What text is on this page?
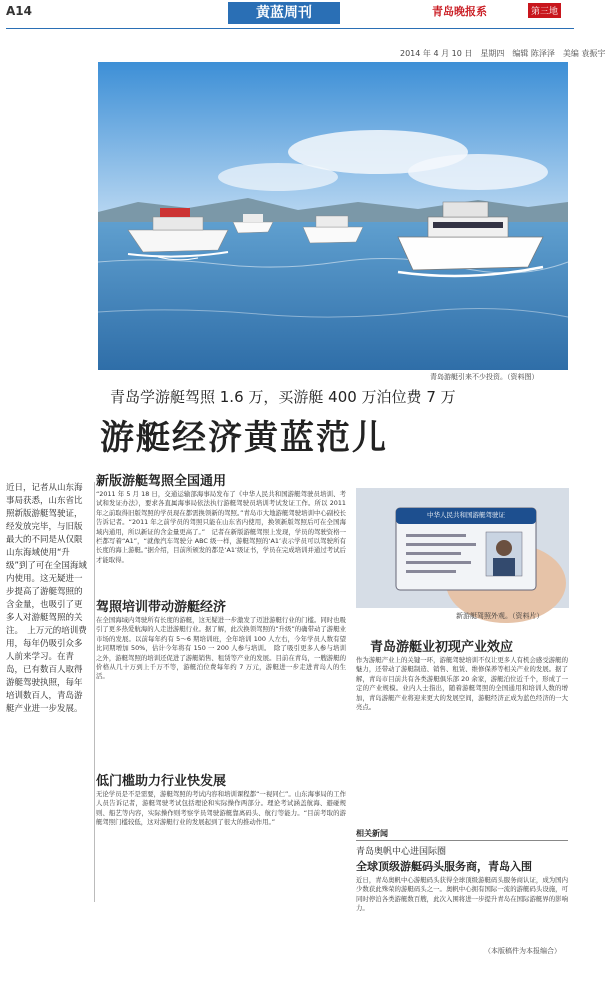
A14	黄蓝周刊	青岛晚报系	第三地
2014 年 4 月 10 日　星期四　编辑 陈泽泽　美编 袁振宇
青岛游艇引来不少投资。（资料图）
青岛学游艇驾照 1.6 万，买游艇 400 万泊位费 7 万
游艇经济黄蓝范儿
近日，记者从山东海事局获悉，山东省比照新版游艇驾驶证，经发放完毕，与旧版最大的不同是从仅限山东海域使用“升级”到了可在全国海域内使用。这无疑进一步提高了游艇驾照的含金量，也吸引了更多人对游艇驾照的关注。　上万元的培训费用，每年仍吸引众多人前来学习。在青岛，已有数百人取得游艇驾驶执照，每年培训数百人，青岛游艇产业进一步发展。
新版游艇驾照全国通用
“2011 年 5 月 18 日，交通运输部海事局发布了《中华人民共和国游艇驾驶员培训、考试和发证办法》，要求各直属海事局依法执行游艇驾驶员培训考试发证工作。所以 2011 年之前取得旧版驾照的学员现在都需换领新的驾照。”青岛市大地游艇驾驶培训中心副校长告诉记者。“2011 年之前学员的驾照只能在山东省内使用，换领新版驾照后可在全国海域内通用，所以新证的含金量更高了。”　记者在新版游艇驾照上发现，学员的驾驶资格一栏都写着“A1”，“就像汽车驾驶分 ABC 级一样，游艇驾照的‘A1’表示学员可以驾驶所有长度的海上游艇。”据介绍，目前所颁发的都是‘A1’级证书，学员在完成培训并通过考试后才能取得。
驾照培训带动游艇经济
在全国海域内驾驶所有长度的游艇，这无疑进一步激发了迈进游艇行业的门槛。同时也吸引了更多热爱航海的人走进游艇行业。据了解，此次换领驾照的“升级”的确带动了游艇业市场的发展。以前每年约有 5～6 期培训班，全年培训 100 人左右，今年学员人数有望比同期增加 50%，估计今年将有 150 一 200 人参与培训。　除了吸引更多人参与培训之外，游艇驾照的培训还促进了游艇销售、租赁等产业的发展。目前在青岛，一艘游艇的价格从几十万到上千万不等，游艇泊位费每年约 7 万元，游艇进一步走进青岛人的生活。
低门槛助力行业快发展
无论学员是不是需要，游艇驾照的考试内容和培训课程都“一视同仁”。山东海事局的工作人员告诉记者，游艇驾驶考试包括理论和实际操作两部分。理论考试涵盖航海、避碰规则、船艺等内容，实际操作则考察学员驾驶游艇靠离码头、航行等能力。“目前考取的游艇驾照门槛较低，这对游艇行业的发展起到了很大的推动作用。”
中华人民共和国游艇驾驶证
新游艇驾照外观。（资料片）
青岛游艇业初现产业效应
作为游艇产业上的关键一环，游艇驾驶培训不仅让更多人有机会感受游艇的魅力，还带动了游艇制造、销售、租赁、维修保养等相关产业的发展。据了解，青岛市目前共有各类游艇俱乐部 20 余家，游艇泊位近千个，形成了一定的产业规模。业内人士指出，随着游艇驾照的全国通用和培训人数的增加，青岛游艇产业将迎来更大的发展空间，游艇经济正成为蓝色经济的一大亮点。
相关新闻
青岛奥帆中心进国际圈
全球顶级游艇码头服务商，青岛入围
近日，青岛奥帆中心游艇码头获得全球顶级游艇码头服务商认证，成为国内少数获此殊荣的游艇码头之一。奥帆中心拥有国际一流的游艇码头设施，可同时停泊各类游艇数百艘，此次入围将进一步提升青岛在国际游艇界的影响力。
（本版稿件为本报编合）
